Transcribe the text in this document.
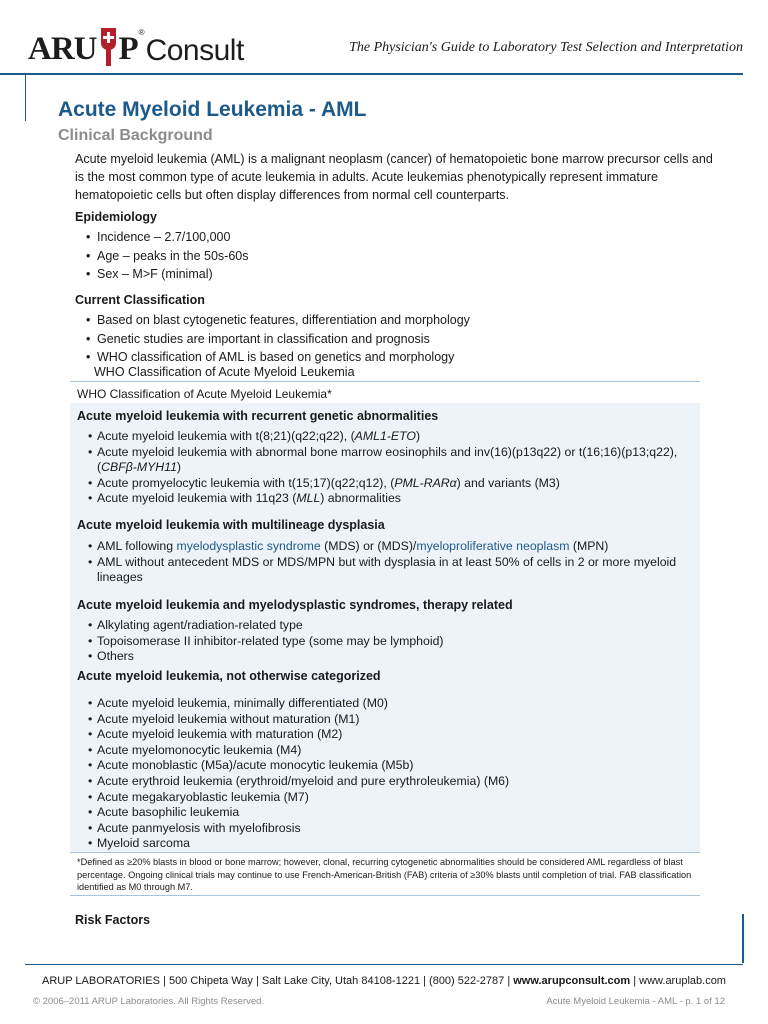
ARU P ®
Consult	The Physician's Guide to Laboratory Test Selection and Interpretation
Acute Myeloid Leukemia - AML
Clinical Background
Acute myeloid leukemia (AML) is a malignant neoplasm (cancer) of hematopoietic bone marrow precursor cells and is the most common type of acute leukemia in adults. Acute leukemias phenotypically represent immature hematopoietic cells but often display differences from normal cell counterparts.
Epidemiology
• Incidence – 2.7/100,000
• Age – peaks in the 50s-60s
• Sex – M>F (minimal)
Current Classification
• Based on blast cytogenetic features, differentiation and morphology
• Genetic studies are important in classification and prognosis
• WHO classification of AML is based on genetics and morphology
WHO Classification of Acute Myeloid Leukemia
WHO Classification of Acute Myeloid Leukemia*
Acute myeloid leukemia with recurrent genetic abnormalities
• Acute myeloid leukemia with t(8;21)(q22;q22), (AML1-ETO)
• Acute myeloid leukemia with abnormal bone marrow eosinophils and inv(16)(p13q22) or t(16;16)(p13;q22), (CBFβ-MYH11)
• Acute promyelocytic leukemia with t(15;17)(q22;q12), (PML-RARα) and variants (M3)
• Acute myeloid leukemia with 11q23 (MLL) abnormalities
Acute myeloid leukemia with multilineage dysplasia
• AML following myelodysplastic syndrome (MDS) or (MDS)/myeloproliferative neoplasm (MPN)
• AML without antecedent MDS or MDS/MPN but with dysplasia in at least 50% of cells in 2 or more myeloid lineages
Acute myeloid leukemia and myelodysplastic syndromes, therapy related
• Alkylating agent/radiation-related type
• Topoisomerase II inhibitor-related type (some may be lymphoid)
• Others
Acute myeloid leukemia, not otherwise categorized
• Acute myeloid leukemia, minimally differentiated (M0)
• Acute myeloid leukemia without maturation (M1)
• Acute myeloid leukemia with maturation (M2)
• Acute myelomonocytic leukemia (M4)
• Acute monoblastic (M5a)/acute monocytic leukemia (M5b)
• Acute erythroid leukemia (erythroid/myeloid and pure erythroleukemia) (M6)
• Acute megakaryoblastic leukemia (M7)
• Acute basophilic leukemia
• Acute panmyelosis with myelofibrosis
• Myeloid sarcoma

*Defined as ≥20% blasts in blood or bone marrow; however, clonal, recurring cytogenetic abnormalities should be considered AML regardless of blast percentage. Ongoing clinical trials may continue to use French-American-British (FAB) criteria of ≥30% blasts until completion of trial. FAB classification identified as M0 through M7.

Risk Factors
ARUP LABORATORIES | 500 Chipeta Way | Salt Lake City, Utah 84108-1221 | (800) 522-2787 | www.arupconsult.com | www.aruplab.com
© 2006–2011 ARUP Laboratories. All Rights Reserved.	Acute Myeloid Leukemia - AML - p. 1 of 12
